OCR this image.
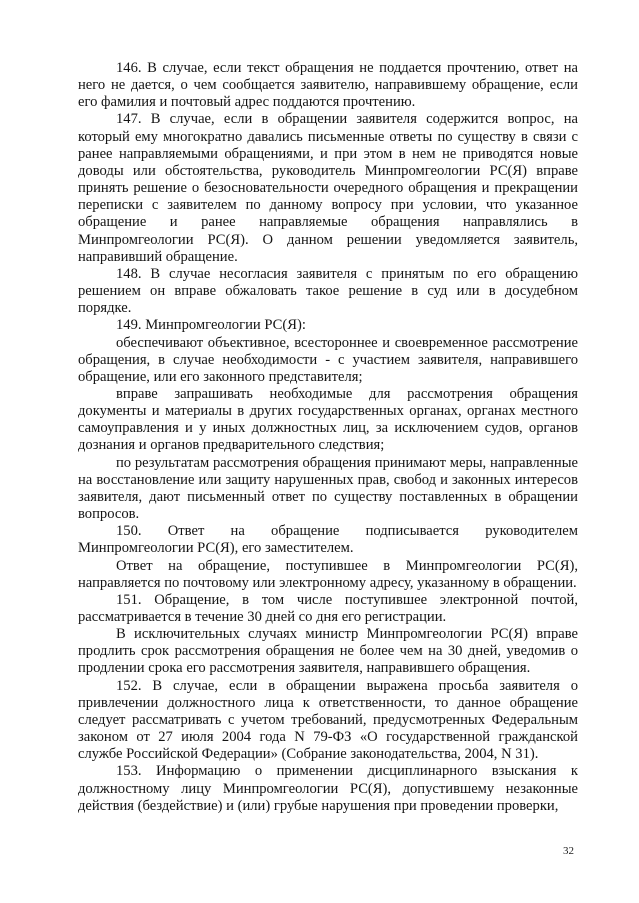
146. В случае, если текст обращения не поддается прочтению, ответ на него не дается, о чем сообщается заявителю, направившему обращение, если его фамилия и почтовый адрес поддаются прочтению.

147. В случае, если в обращении заявителя содержится вопрос, на который ему многократно давались письменные ответы по существу в связи с ранее направляемыми обращениями, и при этом в нем не приводятся новые доводы или обстоятельства, руководитель Минпромгеологии РС(Я) вправе принять решение о безосновательности очередного обращения и прекращении переписки с заявителем по данному вопросу при условии, что указанное обращение и ранее направляемые обращения направлялись в Минпромгеологии РС(Я). О данном решении уведомляется заявитель, направивший обращение.

148. В случае несогласия заявителя с принятым по его обращению решением он вправе обжаловать такое решение в суд или в досудебном порядке.

149. Минпромгеологии РС(Я):

обеспечивают объективное, всестороннее и своевременное рассмотрение обращения, в случае необходимости - с участием заявителя, направившего обращение, или его законного представителя;

вправе запрашивать необходимые для рассмотрения обращения документы и материалы в других государственных органах, органах местного самоуправления и у иных должностных лиц, за исключением судов, органов дознания и органов предварительного следствия;

по результатам рассмотрения обращения принимают меры, направленные на восстановление или защиту нарушенных прав, свобод и законных интересов заявителя, дают письменный ответ по существу поставленных в обращении вопросов.

150. Ответ на обращение подписывается руководителем Минпромгеологии РС(Я), его заместителем.

Ответ на обращение, поступившее в Минпромгеологии РС(Я), направляется по почтовому или электронному адресу, указанному в обращении.

151. Обращение, в том числе поступившее электронной почтой, рассматривается в течение 30 дней со дня его регистрации.

В исключительных случаях министр Минпромгеологии РС(Я) вправе продлить срок рассмотрения обращения не более чем на 30 дней, уведомив о продлении срока его рассмотрения заявителя, направившего обращения.

152. В случае, если в обращении выражена просьба заявителя о привлечении должностного лица к ответственности, то данное обращение следует рассматривать с учетом требований, предусмотренных Федеральным законом от 27 июля 2004 года N 79-ФЗ «О государственной гражданской службе Российской Федерации» (Собрание законодательства, 2004, N 31).

153. Информацию о применении дисциплинарного взыскания к должностному лицу Минпромгеологии РС(Я), допустившему незаконные действия (бездействие) и (или) грубые нарушения при проведении проверки,

32
